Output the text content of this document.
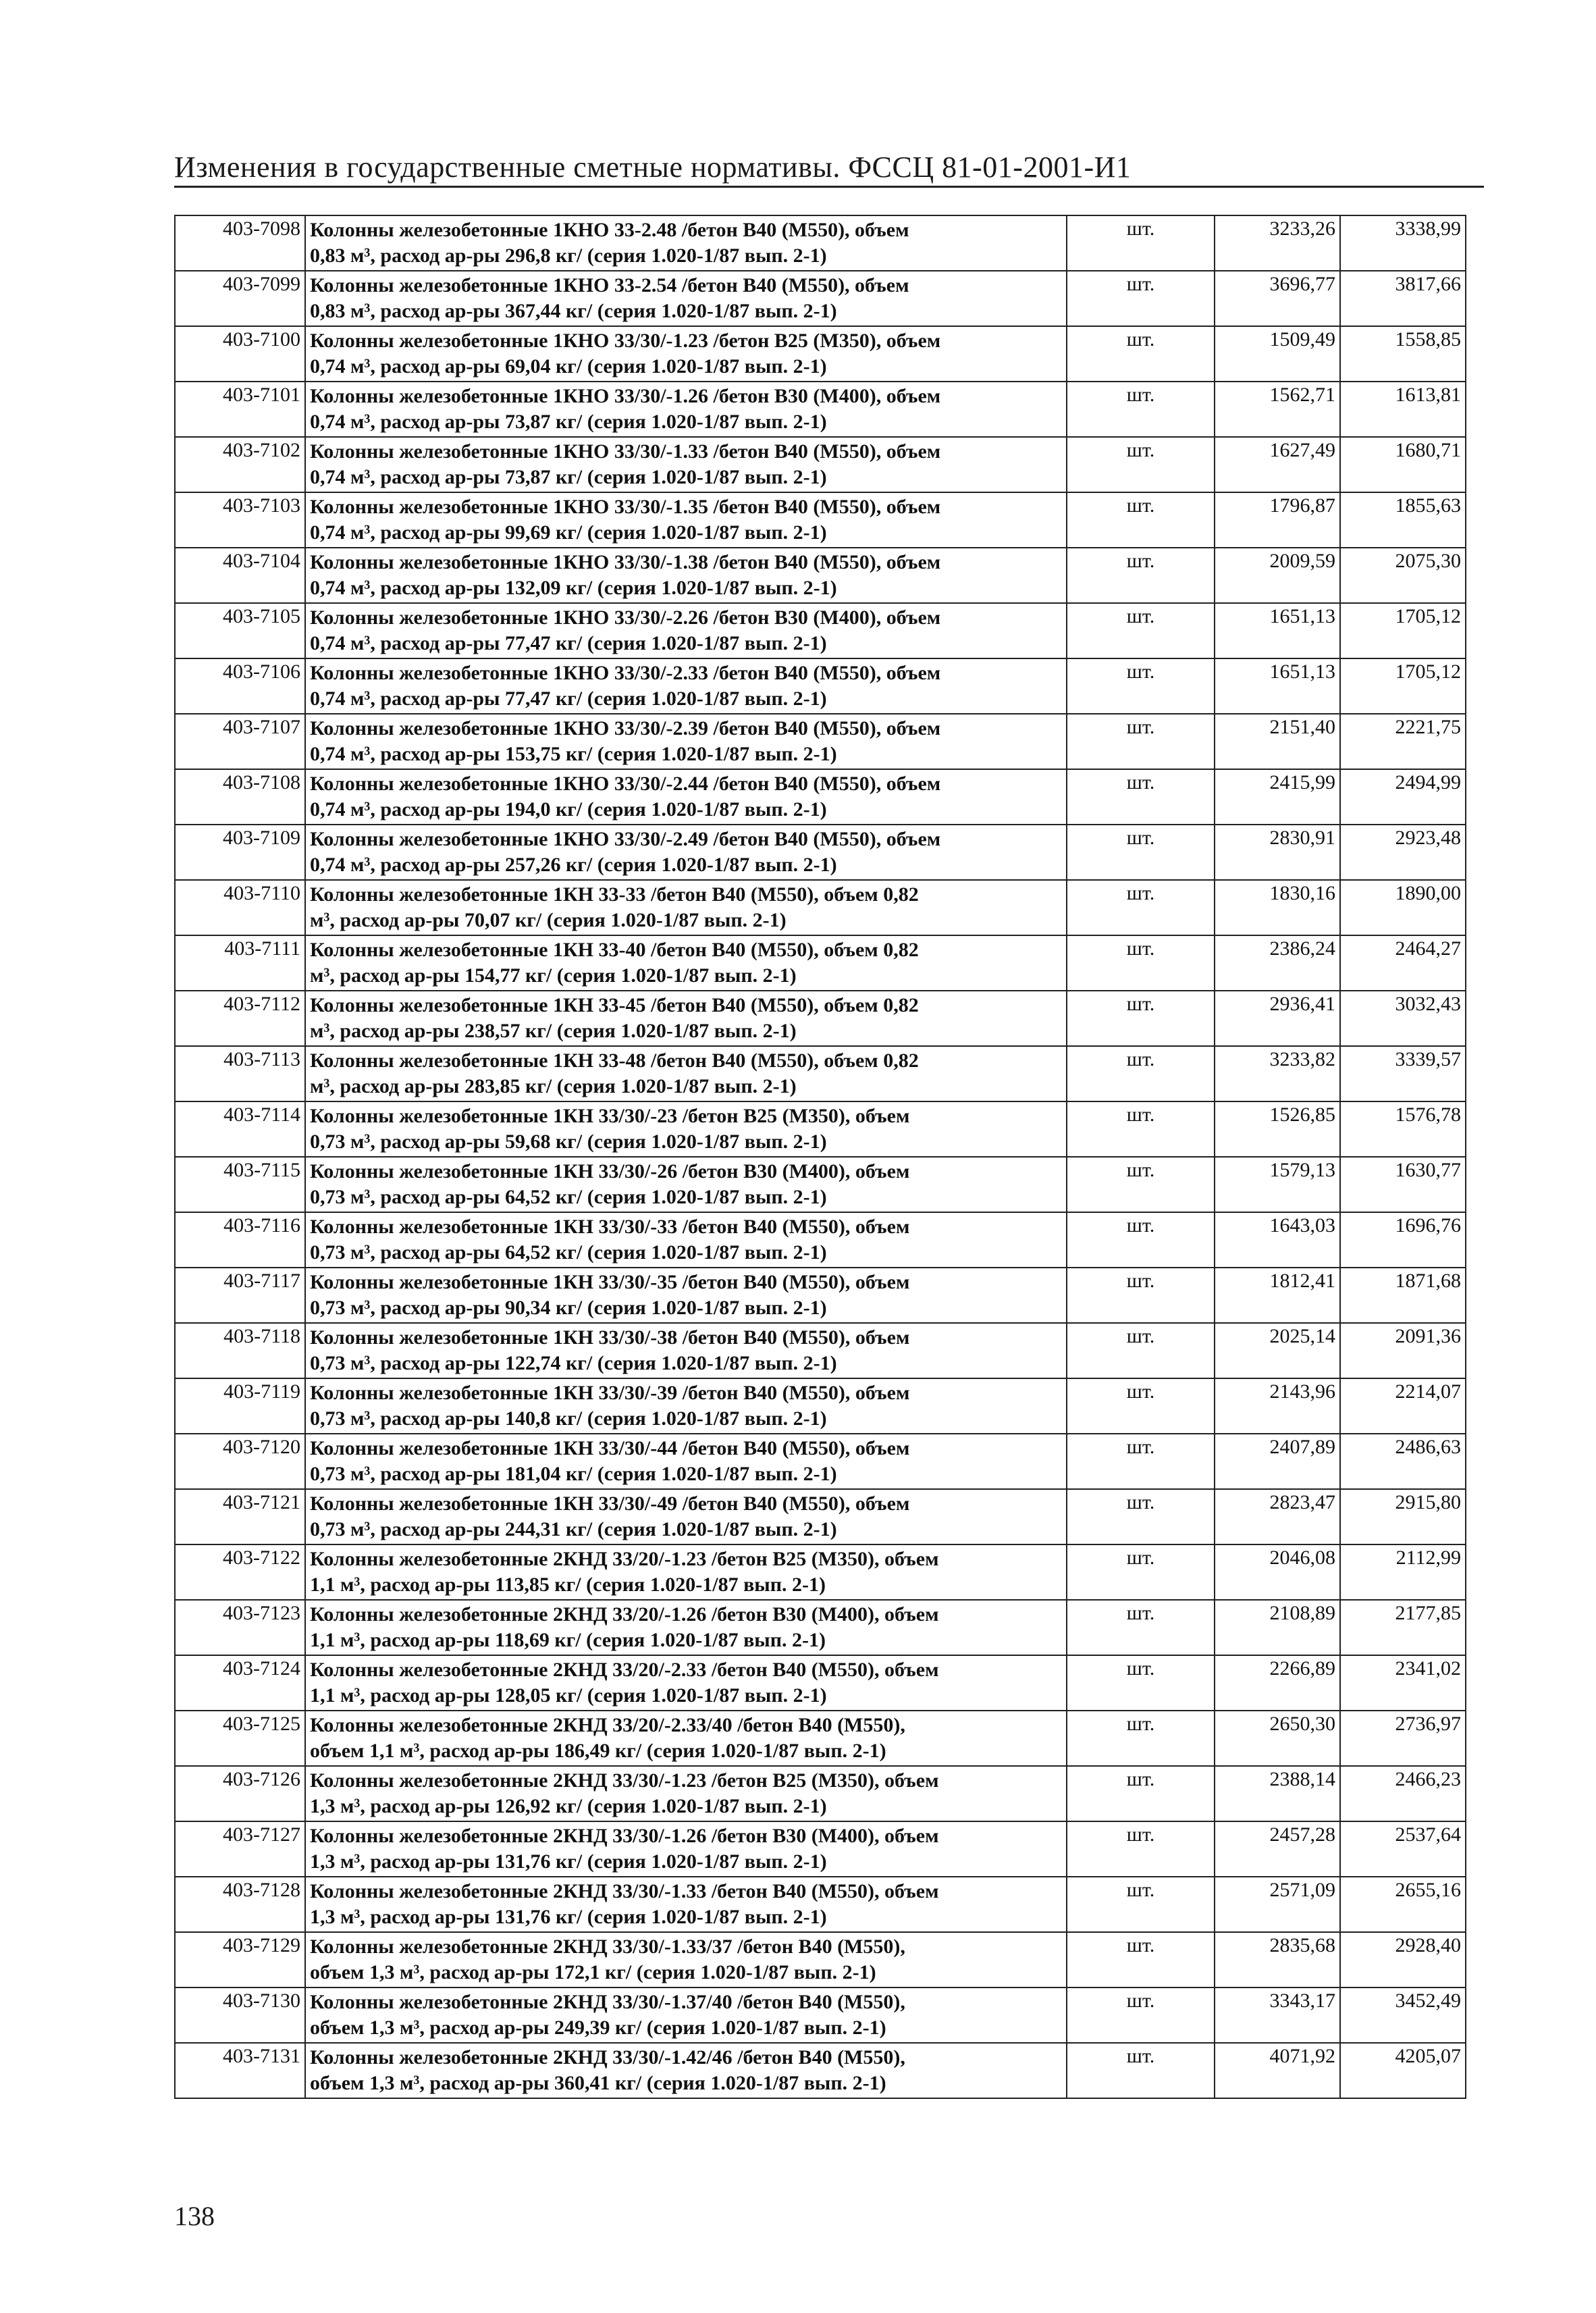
Изменения в государственные сметные нормативы. ФССЦ 81-01-2001-И1
403-7098	Колонны железобетонные 1КНО 33-2.48 /бетон В40 (М550), объем
0,83 м³, расход ар-ры 296,8 кг/ (серия 1.020-1/87 вып. 2-1)	шт.	3233,26	3338,99
403-7099	Колонны железобетонные 1КНО 33-2.54 /бетон В40 (М550), объем
0,83 м³, расход ар-ры 367,44 кг/ (серия 1.020-1/87 вып. 2-1)	шт.	3696,77	3817,66
403-7100	Колонны железобетонные 1КНО 33/30/-1.23 /бетон В25 (М350), объем
0,74 м³, расход ар-ры 69,04 кг/ (серия 1.020-1/87 вып. 2-1)	шт.	1509,49	1558,85
403-7101	Колонны железобетонные 1КНО 33/30/-1.26 /бетон В30 (М400), объем
0,74 м³, расход ар-ры 73,87 кг/ (серия 1.020-1/87 вып. 2-1)	шт.	1562,71	1613,81
403-7102	Колонны железобетонные 1КНО 33/30/-1.33 /бетон В40 (М550), объем
0,74 м³, расход ар-ры 73,87 кг/ (серия 1.020-1/87 вып. 2-1)	шт.	1627,49	1680,71
403-7103	Колонны железобетонные 1КНО 33/30/-1.35 /бетон В40 (М550), объем
0,74 м³, расход ар-ры 99,69 кг/ (серия 1.020-1/87 вып. 2-1)	шт.	1796,87	1855,63
403-7104	Колонны железобетонные 1КНО 33/30/-1.38 /бетон В40 (М550), объем
0,74 м³, расход ар-ры 132,09 кг/ (серия 1.020-1/87 вып. 2-1)	шт.	2009,59	2075,30
403-7105	Колонны железобетонные 1КНО 33/30/-2.26 /бетон В30 (М400), объем
0,74 м³, расход ар-ры 77,47 кг/ (серия 1.020-1/87 вып. 2-1)	шт.	1651,13	1705,12
403-7106	Колонны железобетонные 1КНО 33/30/-2.33 /бетон В40 (М550), объем
0,74 м³, расход ар-ры 77,47 кг/ (серия 1.020-1/87 вып. 2-1)	шт.	1651,13	1705,12
403-7107	Колонны железобетонные 1КНО 33/30/-2.39 /бетон В40 (М550), объем
0,74 м³, расход ар-ры 153,75 кг/ (серия 1.020-1/87 вып. 2-1)	шт.	2151,40	2221,75
403-7108	Колонны железобетонные 1КНО 33/30/-2.44 /бетон В40 (М550), объем
0,74 м³, расход ар-ры 194,0 кг/ (серия 1.020-1/87 вып. 2-1)	шт.	2415,99	2494,99
403-7109	Колонны железобетонные 1КНО 33/30/-2.49 /бетон В40 (М550), объем
0,74 м³, расход ар-ры 257,26 кг/ (серия 1.020-1/87 вып. 2-1)	шт.	2830,91	2923,48
403-7110	Колонны железобетонные 1КН 33-33 /бетон В40 (М550), объем 0,82
м³, расход ар-ры 70,07 кг/ (серия 1.020-1/87 вып. 2-1)	шт.	1830,16	1890,00
403-7111	Колонны железобетонные 1КН 33-40 /бетон В40 (М550), объем 0,82
м³, расход ар-ры 154,77 кг/ (серия 1.020-1/87 вып. 2-1)	шт.	2386,24	2464,27
403-7112	Колонны железобетонные 1КН 33-45 /бетон В40 (М550), объем 0,82
м³, расход ар-ры 238,57 кг/ (серия 1.020-1/87 вып. 2-1)	шт.	2936,41	3032,43
403-7113	Колонны железобетонные 1КН 33-48 /бетон В40 (М550), объем 0,82
м³, расход ар-ры 283,85 кг/ (серия 1.020-1/87 вып. 2-1)	шт.	3233,82	3339,57
403-7114	Колонны железобетонные 1КН 33/30/-23 /бетон В25 (М350), объем
0,73 м³, расход ар-ры 59,68 кг/ (серия 1.020-1/87 вып. 2-1)	шт.	1526,85	1576,78
403-7115	Колонны железобетонные 1КН 33/30/-26 /бетон В30 (М400), объем
0,73 м³, расход ар-ры 64,52 кг/ (серия 1.020-1/87 вып. 2-1)	шт.	1579,13	1630,77
403-7116	Колонны железобетонные 1КН 33/30/-33 /бетон В40 (М550), объем
0,73 м³, расход ар-ры 64,52 кг/ (серия 1.020-1/87 вып. 2-1)	шт.	1643,03	1696,76
403-7117	Колонны железобетонные 1КН 33/30/-35 /бетон В40 (М550), объем
0,73 м³, расход ар-ры 90,34 кг/ (серия 1.020-1/87 вып. 2-1)	шт.	1812,41	1871,68
403-7118	Колонны железобетонные 1КН 33/30/-38 /бетон В40 (М550), объем
0,73 м³, расход ар-ры 122,74 кг/ (серия 1.020-1/87 вып. 2-1)	шт.	2025,14	2091,36
403-7119	Колонны железобетонные 1КН 33/30/-39 /бетон В40 (М550), объем
0,73 м³, расход ар-ры 140,8 кг/ (серия 1.020-1/87 вып. 2-1)	шт.	2143,96	2214,07
403-7120	Колонны железобетонные 1КН 33/30/-44 /бетон В40 (М550), объем
0,73 м³, расход ар-ры 181,04 кг/ (серия 1.020-1/87 вып. 2-1)	шт.	2407,89	2486,63
403-7121	Колонны железобетонные 1КН 33/30/-49 /бетон В40 (М550), объем
0,73 м³, расход ар-ры 244,31 кг/ (серия 1.020-1/87 вып. 2-1)	шт.	2823,47	2915,80
403-7122	Колонны железобетонные 2КНД 33/20/-1.23 /бетон В25 (М350), объем
1,1 м³, расход ар-ры 113,85 кг/ (серия 1.020-1/87 вып. 2-1)	шт.	2046,08	2112,99
403-7123	Колонны железобетонные 2КНД 33/20/-1.26 /бетон В30 (М400), объем
1,1 м³, расход ар-ры 118,69 кг/ (серия 1.020-1/87 вып. 2-1)	шт.	2108,89	2177,85
403-7124	Колонны железобетонные 2КНД 33/20/-2.33 /бетон В40 (М550), объем
1,1 м³, расход ар-ры 128,05 кг/ (серия 1.020-1/87 вып. 2-1)	шт.	2266,89	2341,02
403-7125	Колонны железобетонные 2КНД 33/20/-2.33/40 /бетон В40 (М550),
объем 1,1 м³, расход ар-ры 186,49 кг/ (серия 1.020-1/87 вып. 2-1)	шт.	2650,30	2736,97
403-7126	Колонны железобетонные 2КНД 33/30/-1.23 /бетон В25 (М350), объем
1,3 м³, расход ар-ры 126,92 кг/ (серия 1.020-1/87 вып. 2-1)	шт.	2388,14	2466,23
403-7127	Колонны железобетонные 2КНД 33/30/-1.26 /бетон В30 (М400), объем
1,3 м³, расход ар-ры 131,76 кг/ (серия 1.020-1/87 вып. 2-1)	шт.	2457,28	2537,64
403-7128	Колонны железобетонные 2КНД 33/30/-1.33 /бетон В40 (М550), объем
1,3 м³, расход ар-ры 131,76 кг/ (серия 1.020-1/87 вып. 2-1)	шт.	2571,09	2655,16
403-7129	Колонны железобетонные 2КНД 33/30/-1.33/37 /бетон В40 (М550),
объем 1,3 м³, расход ар-ры 172,1 кг/ (серия 1.020-1/87 вып. 2-1)	шт.	2835,68	2928,40
403-7130	Колонны железобетонные 2КНД 33/30/-1.37/40 /бетон В40 (М550),
объем 1,3 м³, расход ар-ры 249,39 кг/ (серия 1.020-1/87 вып. 2-1)	шт.	3343,17	3452,49
403-7131	Колонны железобетонные 2КНД 33/30/-1.42/46 /бетон В40 (М550),
объем 1,3 м³, расход ар-ры 360,41 кг/ (серия 1.020-1/87 вып. 2-1)	шт.	4071,92	4205,07
138
